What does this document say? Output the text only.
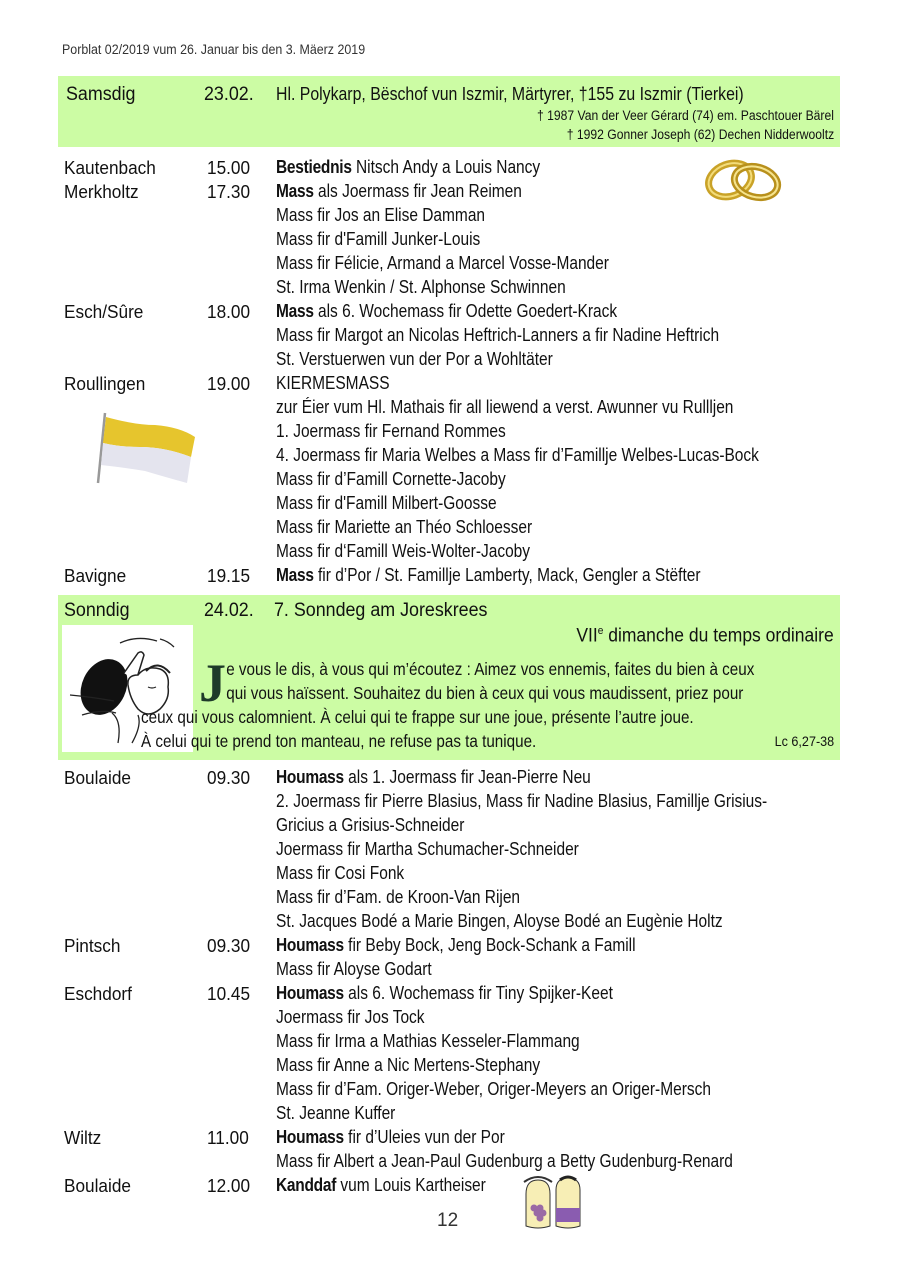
Porblat 02/2019 vum 26. Januar bis den 3. Mäerz 2019
Samsdig	23.02. Hl. Polykarp, Bëschof vun Iszmir, Märtyrer, †155 zu Iszmir (Tierkei)
† 1987 Van der Veer Gérard (74) em. Paschtouer Bärel
† 1992 Gonner Joseph (62) Dechen Nidderwooltz
Kautenbach	15.00 Bestiednis Nitsch Andy a Louis Nancy
Merkholtz	17.30 Mass als Joermass fir Jean Reimen
Mass fir Jos an Elise Damman
Mass fir d'Famill Junker-Louis
Mass fir Félicie, Armand a Marcel Vosse-Mander
St. Irma Wenkin / St. Alphonse Schwinnen
Esch/Sûre	18.00 Mass als 6. Wochemass fir Odette Goedert-Krack
Mass fir Margot an Nicolas Heftrich-Lanners a fir Nadine Heftrich
St. Verstuerwen vun der Por a Wohltäter
Roullingen	19.00 KIERMESMASS
zur Éier vum Hl. Mathais fir all liewend a verst. Awunner vu Rullljen
1. Joermass fir Fernand Rommes
4. Joermass fir Maria Welbes a Mass fir d’Famillje Welbes-Lucas-Bock
Mass fir d’Famill Cornette-Jacoby
Mass fir d'Famill Milbert-Goosse
Mass fir Mariette an Théo Schloesser
Mass fir d‘Famill Weis-Wolter-Jacoby
Bavigne	19.15 Mass fir d’Por / St. Famillje Lamberty, Mack, Gengler a Stëfter
Sonndig	24.02. 7. Sonndeg am Joreskrees
VIIe dimanche du temps ordinaire
J e vous le dis, à vous qui m’écoutez : Aimez vos ennemis, faites du bien à ceux
qui vous haïssent. Souhaitez du bien à ceux qui vous maudissent, priez pour
ceux qui vous calomnient. À celui qui te frappe sur une joue, présente l’autre joue.
À celui qui te prend ton manteau, ne refuse pas ta tunique.	Lc 6,27-38
Boulaide	09.30 Houmass als 1. Joermass fir Jean-Pierre Neu
2. Joermass fir Pierre Blasius, Mass fir Nadine Blasius, Famillje Grisius-
Gricius a Grisius-Schneider
Joermass fir Martha Schumacher-Schneider
Mass fir Cosi Fonk
Mass fir d’Fam. de Kroon-Van Rijen
St. Jacques Bodé a Marie Bingen, Aloyse Bodé an Eugènie Holtz
Pintsch	09.30 Houmass fir Beby Bock, Jeng Bock-Schank a Famill
Mass fir Aloyse Godart
Eschdorf	10.45 Houmass als 6. Wochemass fir Tiny Spijker-Keet
Joermass fir Jos Tock
Mass fir Irma a Mathias Kesseler-Flammang
Mass fir Anne a Nic Mertens-Stephany
Mass fir d’Fam. Origer-Weber, Origer-Meyers an Origer-Mersch
St. Jeanne Kuffer
Wiltz	11.00 Houmass fir d’Uleies vun der Por
Mass fir Albert a Jean-Paul Gudenburg a Betty Gudenburg-Renard
Boulaide	12.00 Kanddaf vum Louis Kartheiser
12
